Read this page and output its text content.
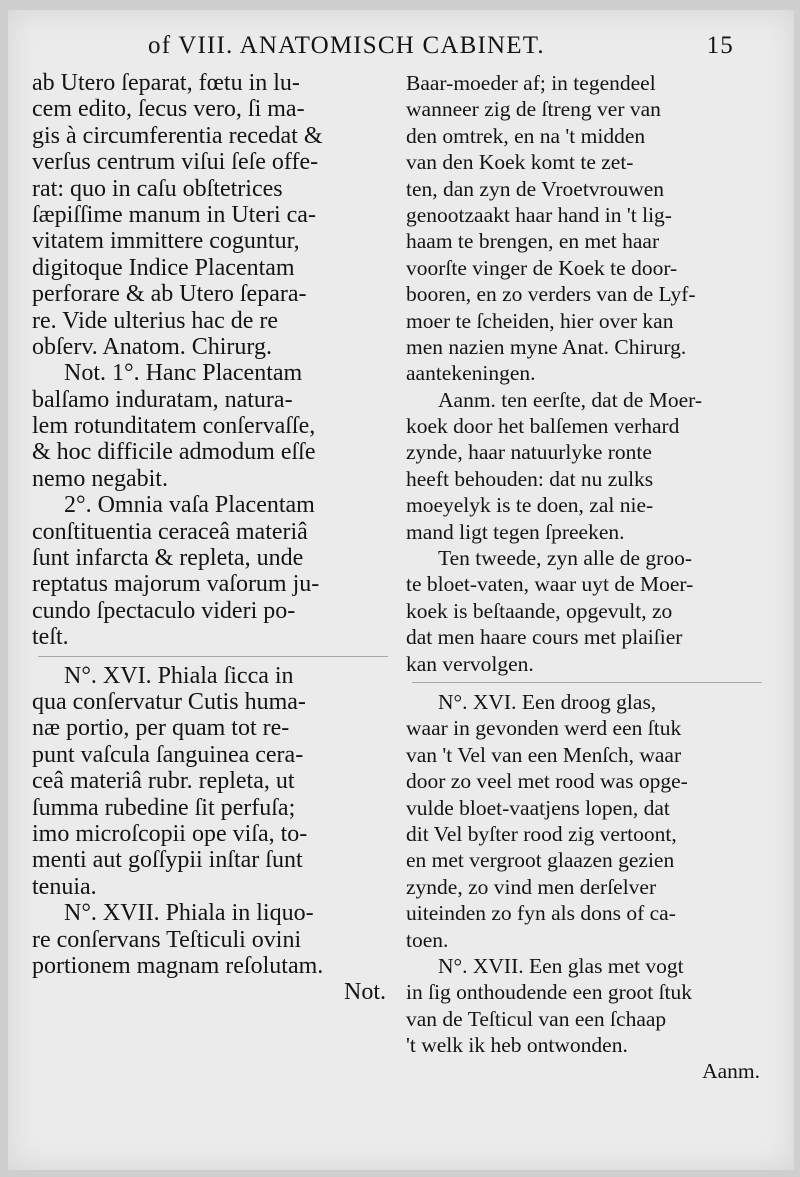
of VIII. ANATOMISCH CABINET.	15
ab Utero ſeparat, fœtu in lu-
cem edito, ſecus vero, ſi ma-
gis à circumferentia recedat &
verſus centrum viſui ſeſe offe-
rat: quo in caſu obſtetrices
ſæpiſſime manum in Uteri ca-
vitatem immittere coguntur,
digitoque Indice Placentam
perforare & ab Utero ſepara-
re. Vide ulterius hac de re
obſerv. Anatom. Chirurg.
Not. 1°. Hanc Placentam
balſamo induratam, natura-
lem rotunditatem conſervaſſe,
& hoc difficile admodum eſſe
nemo negabit.
2°. Omnia vaſa Placentam
conſtituentia ceraceâ materiâ
ſunt infarcta & repleta, unde
reptatus majorum vaſorum ju-
cundo ſpectaculo videri po-
teſt.
N°. XVI. Phiala ſicca in
qua conſervatur Cutis huma-
næ portio, per quam tot re-
punt vaſcula ſanguinea cera-
ceâ materiâ rubr. repleta, ut
ſumma rubedine ſit perfuſa;
imo microſcopii ope viſa, to-
menti aut goſſypii inſtar ſunt
tenuia.
N°. XVII. Phiala in liquo-
re conſervans Teſticuli ovini
portionem magnam reſolutam.
Not.
Baar-moeder af; in tegendeel
wanneer zig de ſtreng ver van
den omtrek, en na 't midden
van den Koek komt te zet-
ten, dan zyn de Vroetvrouwen
genootzaakt haar hand in 't lig-
haam te brengen, en met haar
voorſte vinger de Koek te door-
booren, en zo verders van de Lyf-
moer te ſcheiden, hier over kan
men nazien myne Anat. Chirurg.
aantekeningen.
Aanm. ten eerſte, dat de Moer-
koek door het balſemen verhard
zynde, haar natuurlyke ronte
heeft behouden: dat nu zulks
moeyelyk is te doen, zal nie-
mand ligt tegen ſpreeken.
Ten tweede, zyn alle de groo-
te bloet-vaten, waar uyt de Moer-
koek is beſtaande, opgevult, zo
dat men haare cours met plaiſier
kan vervolgen.
N°. XVI. Een droog glas,
waar in gevonden werd een ſtuk
van 't Vel van een Menſch, waar
door zo veel met rood was opge-
vulde bloet-vaatjens lopen, dat
dit Vel byſter rood zig vertoont,
en met vergroot glaazen gezien
zynde, zo vind men derſelver
uiteinden zo fyn als dons of ca-
toen.
N°. XVII. Een glas met vogt
in ſig onthoudende een groot ſtuk
van de Teſticul van een ſchaap
't welk ik heb ontwonden.
Aanm.
